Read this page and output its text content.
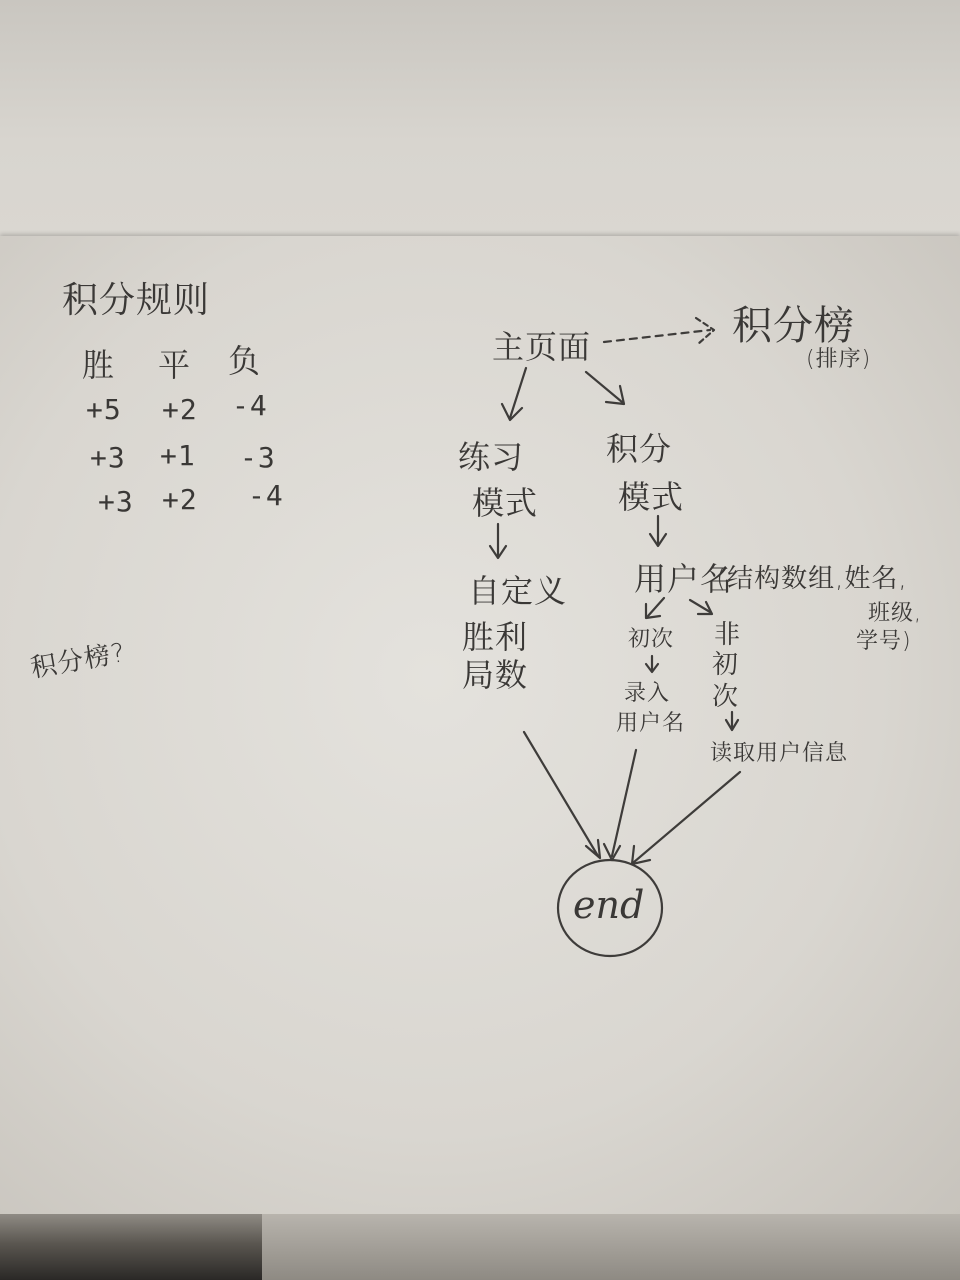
积分规则
胜 平 负
+5 +2 -4
+3 +1 -3
+3 +2 -4
积分榜?
主页面	积分榜
(排序)
练习
模式
自定义
胜利
局数
积分
模式
用户名
(结构数组,姓名,
班级,
学号)
初次
录入
用户名
非
初
次
读取用户信息
end
